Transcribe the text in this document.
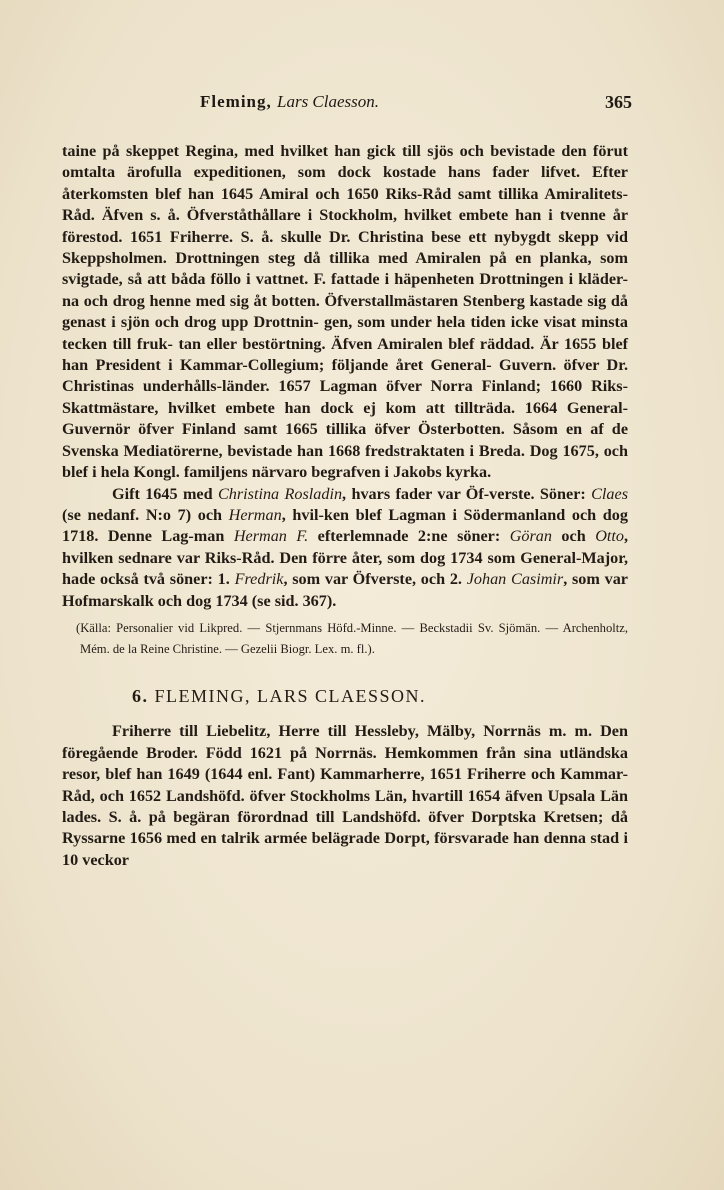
Fleming, Lars Claesson.	365

taine på skeppet Regina, med hvilket han gick till sjös och bevistade den förut omtalta ärofulla expeditionen, som dock kostade hans fader lifvet. Efter återkomsten blef han 1645 Amiral och 1650 Riks-Råd samt tillika Amiralitets-Råd. Äfven s. å. Öfverståthållare i Stockholm, hvilket embete han i tvenne år förestod. 1651 Friherre. S. å. skulle Dr. Christina bese ett nybygdt skepp vid Skeppsholmen. Drottningen steg då tillika med Amiralen på en planka, som svigtade, så att båda föllo i vattnet. F. fattade i häpenheten Drottningen i kläder- na och drog henne med sig åt botten. Öfverstallmästaren Stenberg kastade sig då genast i sjön och drog upp Drottnin- gen, som under hela tiden icke visat minsta tecken till fruk- tan eller bestörtning. Äfven Amiralen blef räddad. Är 1655 blef han President i Kammar-Collegium; följande året General- Guvern. öfver Dr. Christinas underhålls-länder. 1657 Lagman öfver Norra Finland; 1660 Riks-Skattmästare, hvilket embete han dock ej kom att tillträda. 1664 General-Guvernör öfver Finland samt 1665 tillika öfver Österbotten. Såsom en af de Svenska Mediatörerne, bevistade han 1668 fredstraktaten i Breda. Dog 1675, och blef i hela Kongl. familjens närvaro begrafven i Jakobs kyrka.

Gift 1645 med Christina Rosladin, hvars fader var Öf-verste. Söner: Claes (se nedanf. N:o 7) och Herman, hvil-ken blef Lagman i Södermanland och dog 1718. Denne Lag-man Herman F. efterlemnade 2:ne söner: Göran och Otto, hvilken sednare var Riks-Råd. Den förre åter, som dog 1734 som General-Major, hade också två söner: 1. Fredrik, som var Öfverste, och 2. Johan Casimir, som var Hofmarskalk och dog 1734 (se sid. 367).

(Källa: Personalier vid Likpred. — Stjernmans Höfd.-Minne. — Beckstadii Sv. Sjömän. — Archenholtz, Mém. de la Reine Christine. — Gezelii Biogr. Lex. m. fl.).

6. FLEMING, LARS CLAESSON.

Friherre till Liebelitz, Herre till Hessleby, Mälby, Norrnäs m. m. Den föregående Broder. Född 1621 på Norrnäs. Hemkommen från sina utländska resor, blef han 1649 (1644 enl. Fant) Kammarherre, 1651 Friherre och Kammar-Råd, och 1652 Landshöfd. öfver Stockholms Län, hvartill 1654 äfven Upsala Län lades. S. å. på begäran förordnad till Landshöfd. öfver Dorptska Kretsen; då Ryssarne 1656 med en talrik armée belägrade Dorpt, försvarade han denna stad i 10 veckor
